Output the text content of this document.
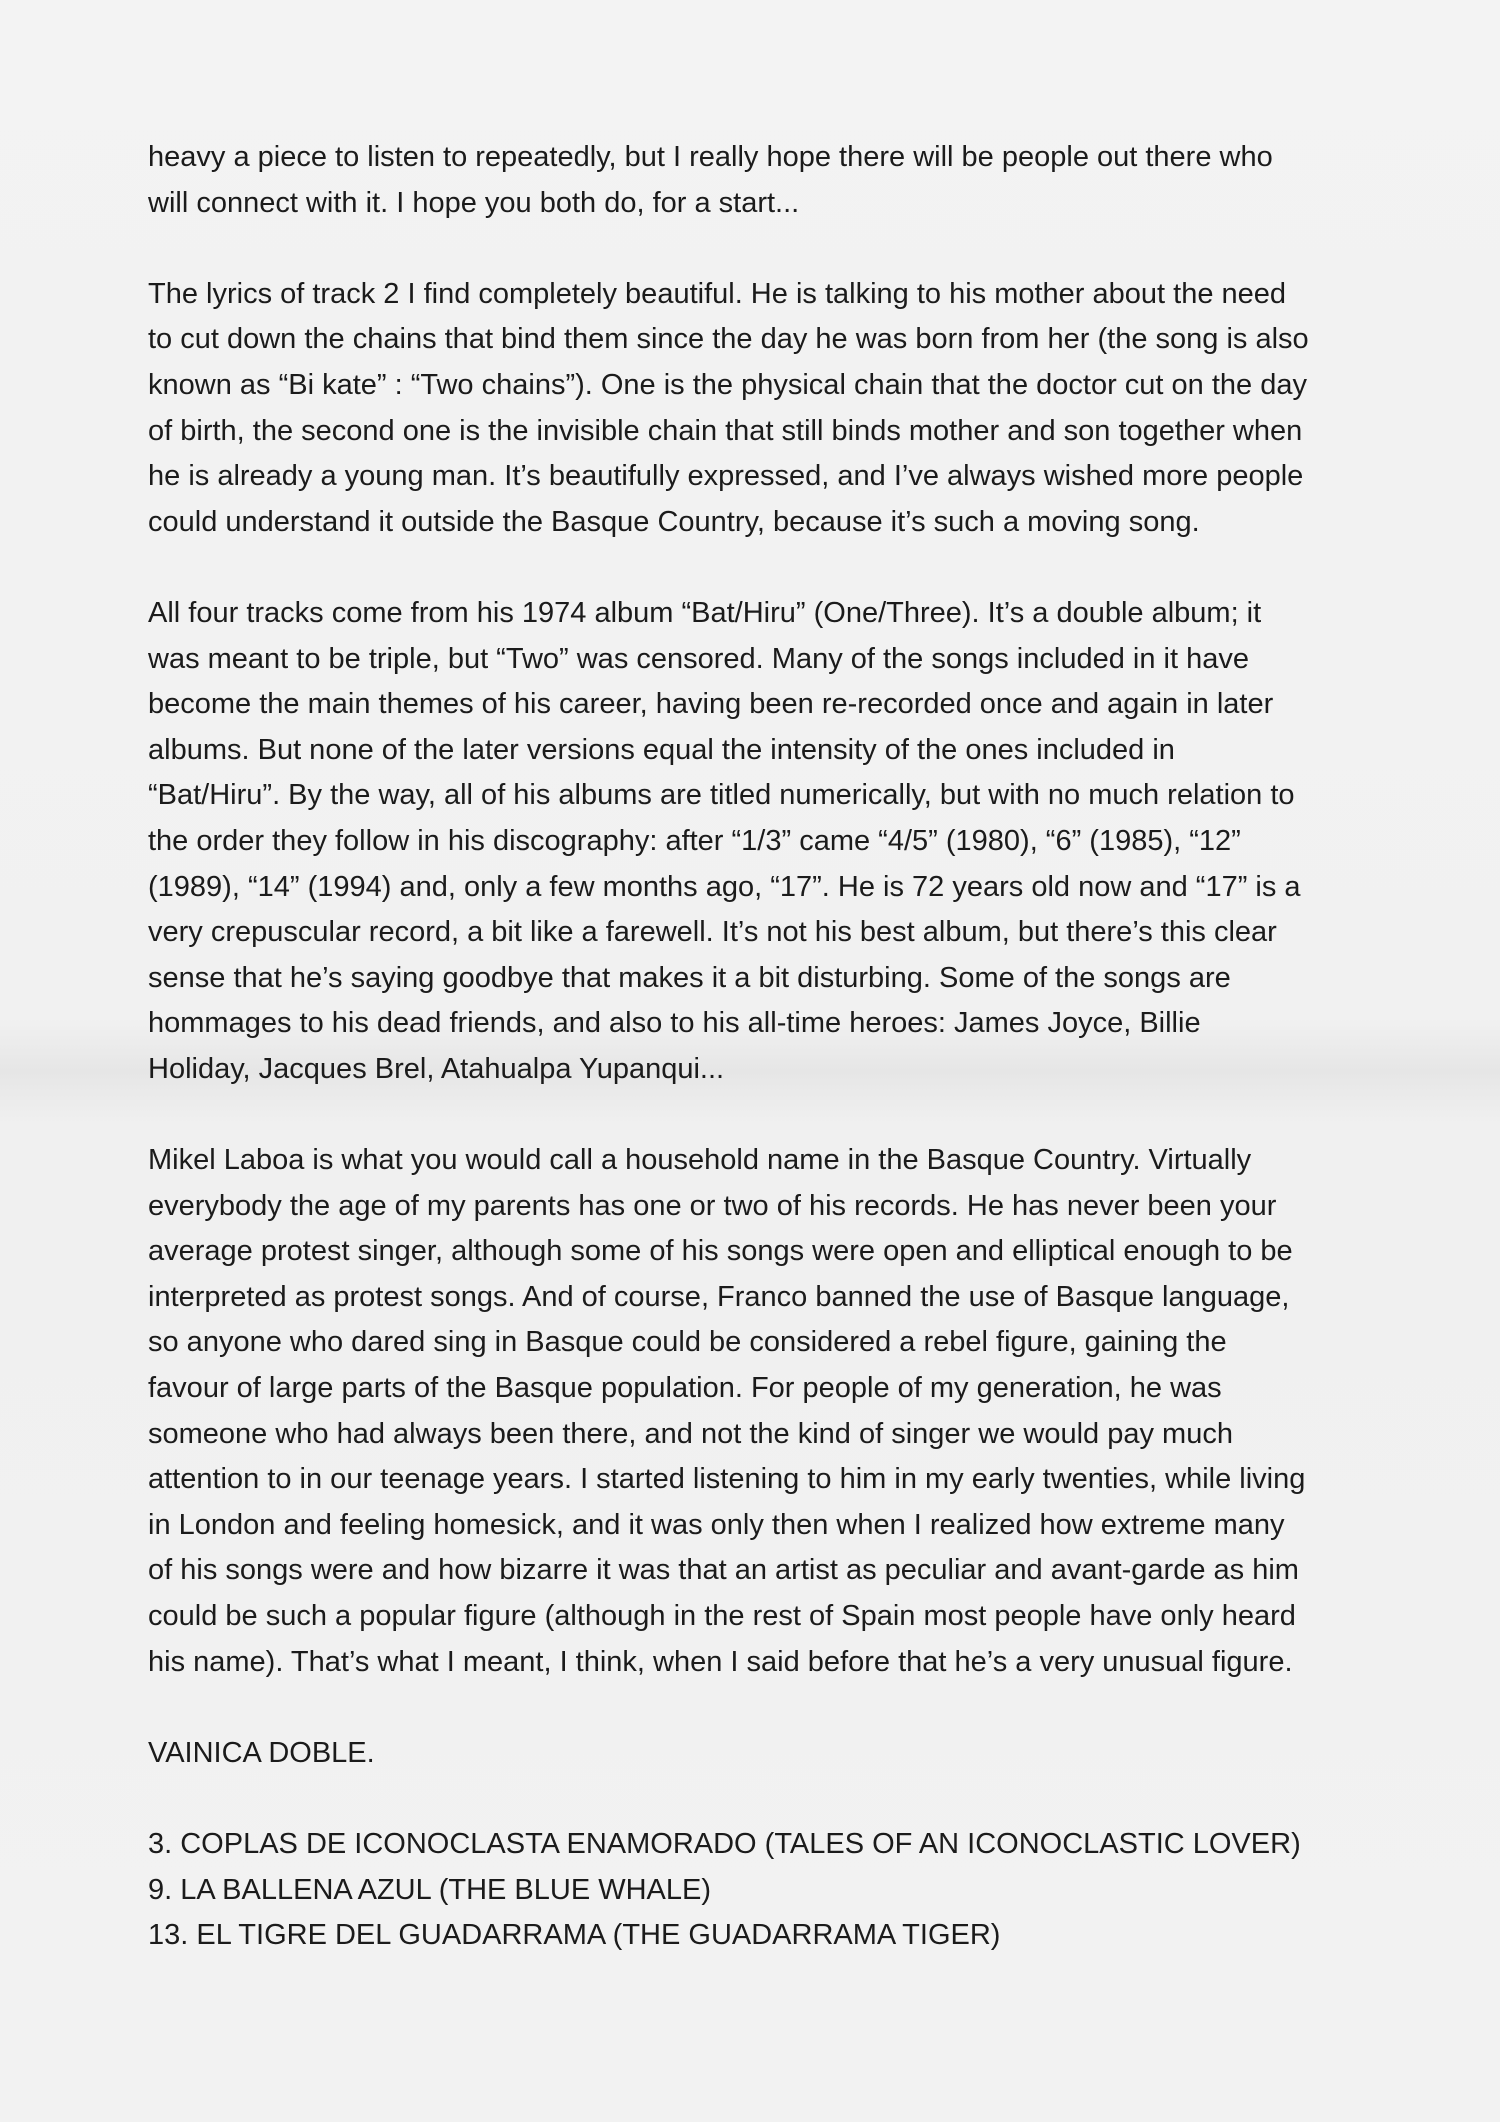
heavy a piece to listen to repeatedly, but I really hope there will be people out there who
will connect with it. I hope you both do, for a start...
The lyrics of track 2 I find completely beautiful. He is talking to his mother about the need
to cut down the chains that bind them since the day he was born from her (the song is also
known as “Bi kate” : “Two chains”). One is the physical chain that the doctor cut on the day
of birth, the second one is the invisible chain that still binds mother and son together when
he is already a young man. It’s beautifully expressed, and I’ve always wished more people
could understand it outside the Basque Country, because it’s such a moving song.
All four tracks come from his 1974 album “Bat/Hiru” (One/Three). It’s a double album; it
was meant to be triple, but “Two” was censored. Many of the songs included in it have
become the main themes of his career, having been re-recorded once and again in later
albums. But none of the later versions equal the intensity of the ones included in
“Bat/Hiru”. By the way, all of his albums are titled numerically, but with no much relation to
the order they follow in his discography: after “1/3” came “4/5” (1980), “6” (1985), “12”
(1989), “14” (1994) and, only a few months ago, “17”. He is 72 years old now and “17” is a
very crepuscular record, a bit like a farewell. It’s not his best album, but there’s this clear
sense that he’s saying goodbye that makes it a bit disturbing. Some of the songs are
hommages to his dead friends, and also to his all-time heroes: James Joyce, Billie
Holiday, Jacques Brel, Atahualpa Yupanqui...
Mikel Laboa is what you would call a household name in the Basque Country. Virtually
everybody the age of my parents has one or two of his records. He has never been your
average protest singer, although some of his songs were open and elliptical enough to be
interpreted as protest songs. And of course, Franco banned the use of Basque language,
so anyone who dared sing in Basque could be considered a rebel figure, gaining the
favour of large parts of the Basque population. For people of my generation, he was
someone who had always been there, and not the kind of singer we would pay much
attention to in our teenage years. I started listening to him in my early twenties, while living
in London and feeling homesick, and it was only then when I realized how extreme many
of his songs were and how bizarre it was that an artist as peculiar and avant-garde as him
could be such a popular figure (although in the rest of Spain most people have only heard
his name). That’s what I meant, I think, when I said before that he’s a very unusual figure.
VAINICA DOBLE.
3. COPLAS DE ICONOCLASTA ENAMORADO (TALES OF AN ICONOCLASTIC LOVER)
9. LA BALLENA AZUL (THE BLUE WHALE)
13. EL TIGRE DEL GUADARRAMA (THE GUADARRAMA TIGER)
